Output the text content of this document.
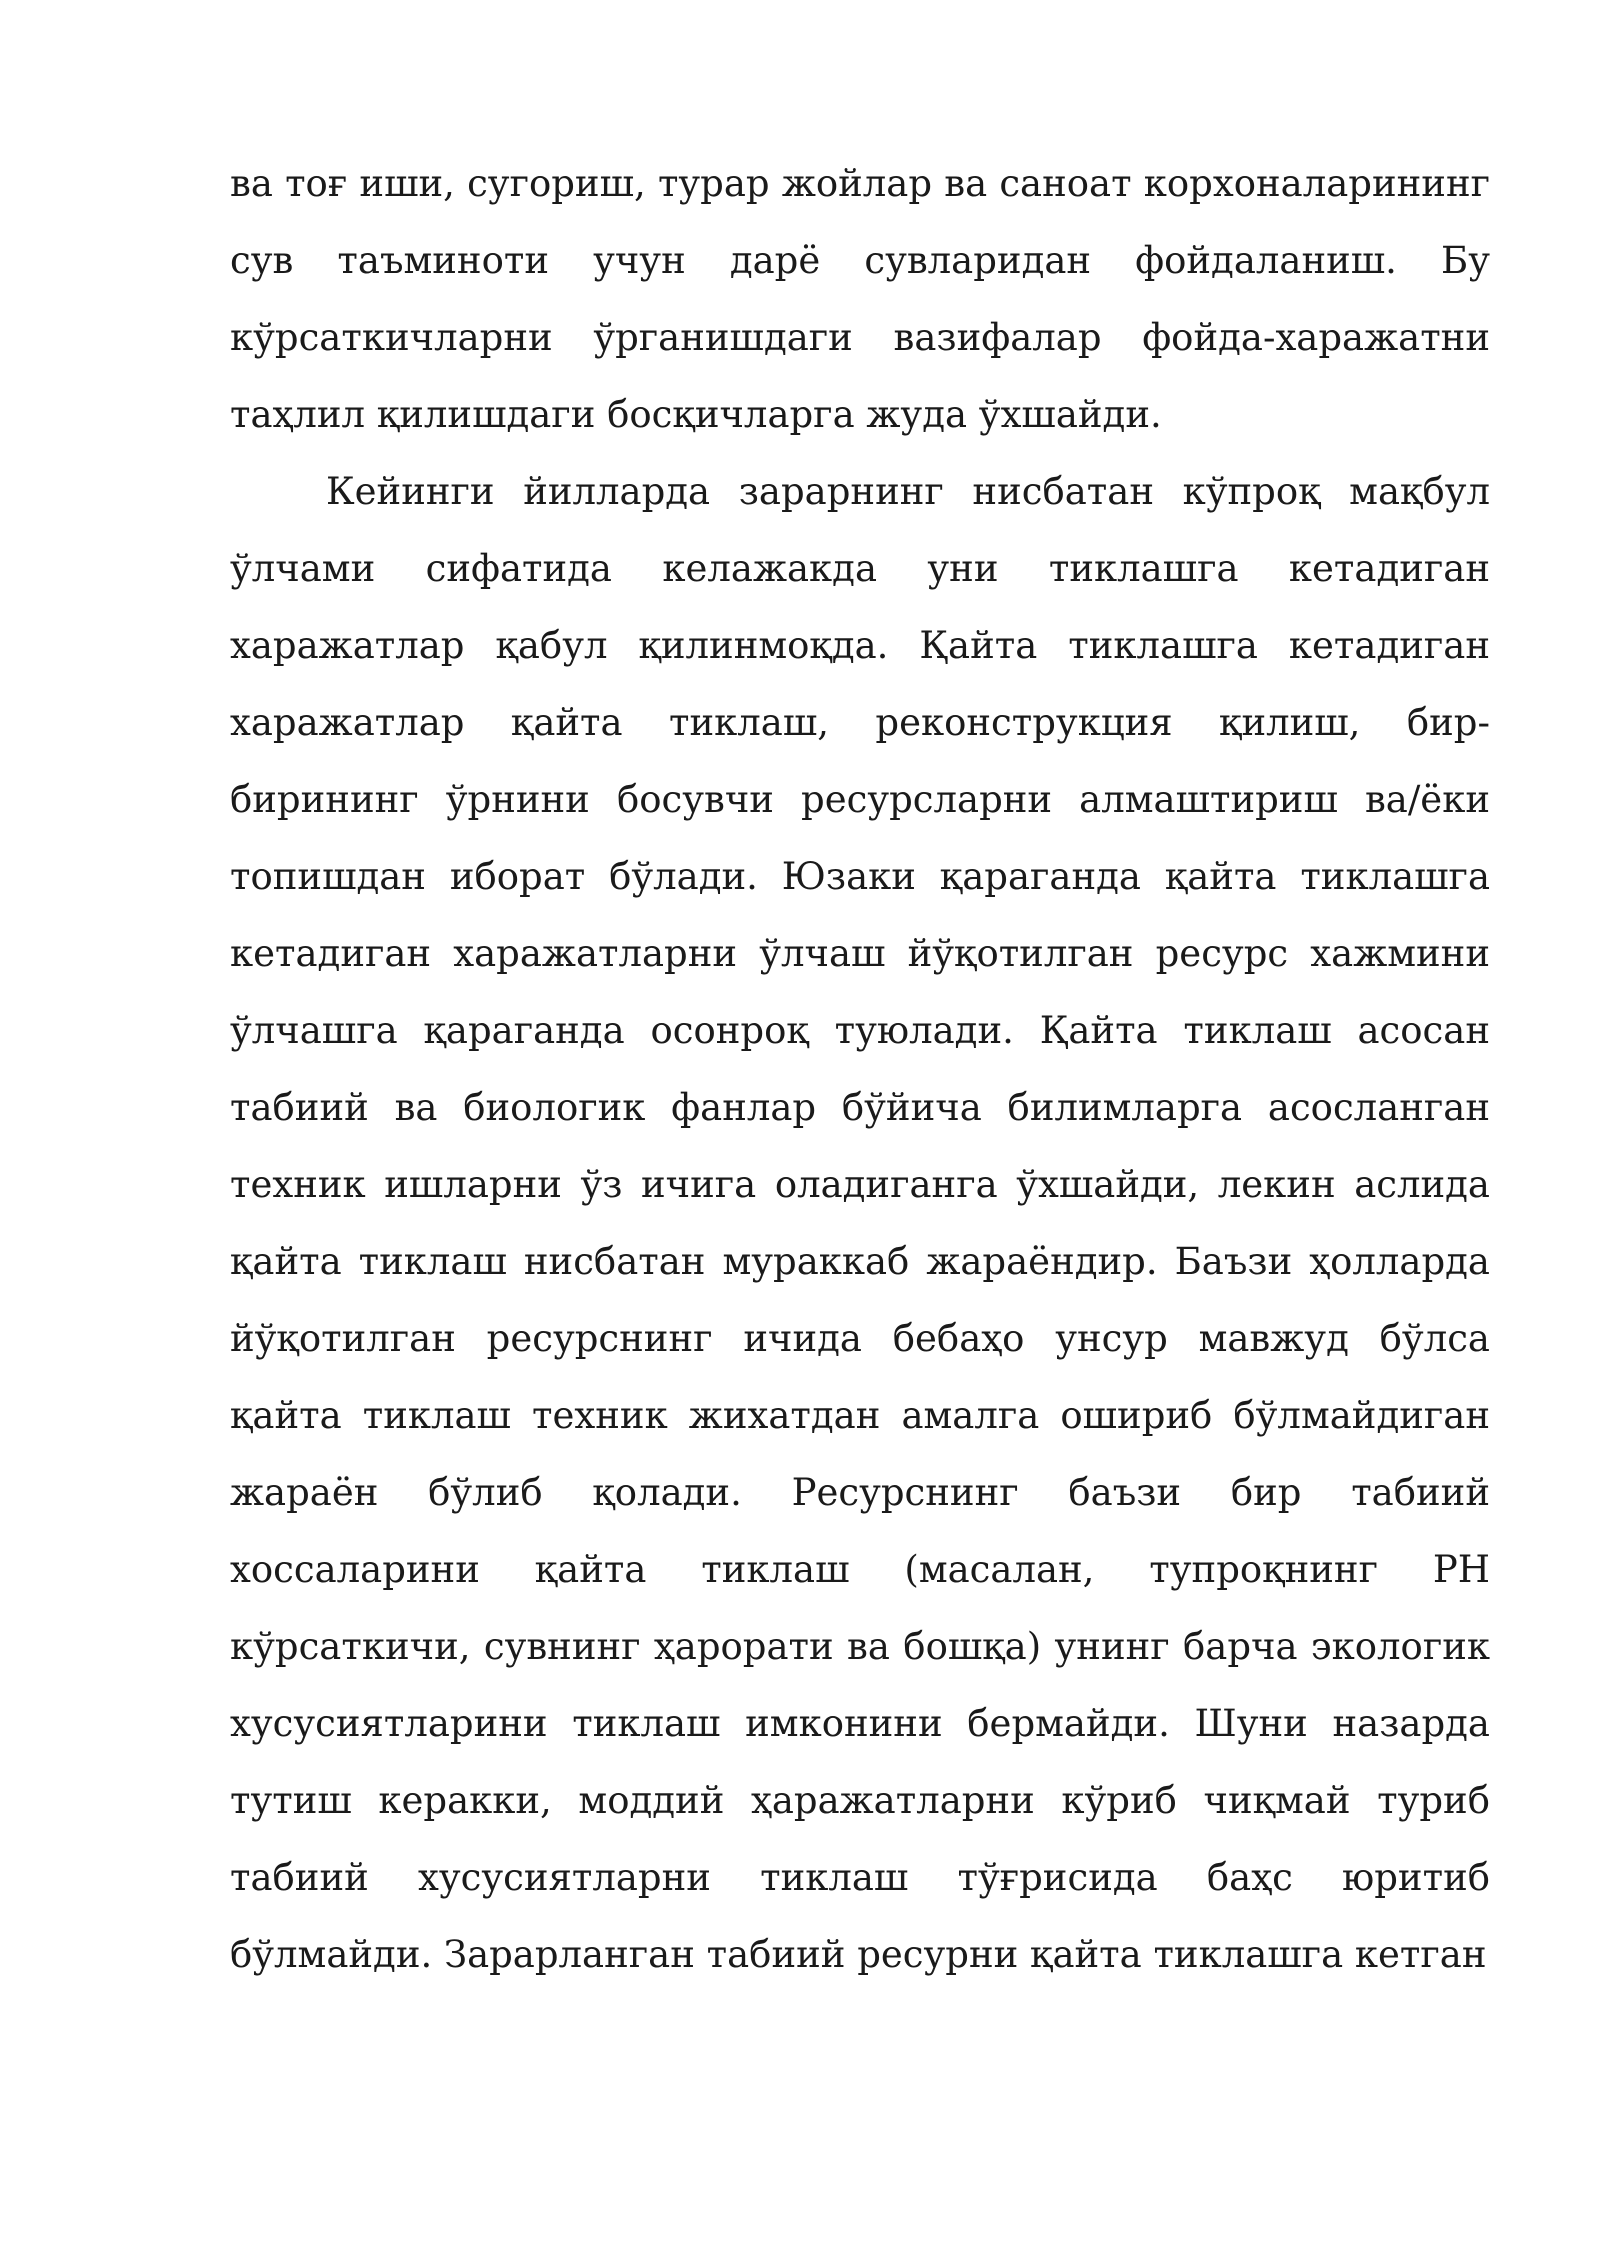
ва тоғ иши, сугориш, турар жойлар ва саноат корхоналарининг сув таъминоти учун дарё сувларидан фойдаланиш. Бу кўрсаткичларни ўрганишдаги вазифалар фойда-харажатни таҳлил қилишдаги босқичларга жуда ўхшайди.

Кейинги йилларда зарарнинг нисбатан кўпроқ мақбул ўлчами сифатида келажакда уни тиклашга кетадиган харажатлар қабул қилинмоқда. Қайта тиклашга кетадиган харажатлар қайта тиклаш, реконструкция қилиш, бир-бирининг ўрнини босувчи ресурсларни алмаштириш ва/ёки топишдан иборат бўлади. Юзаки қараганда қайта тиклашга кетадиган харажатларни ўлчаш йўқотилган ресурс хажмини ўлчашга қараганда осонроқ туюлади. Қайта тиклаш асосан табиий ва биологик фанлар бўйича билимларга асосланган техник ишларни ўз ичига оладиганга ўхшайди, лекин аслида қайта тиклаш нисбатан мураккаб жараёндир. Баъзи ҳолларда йўқотилган ресурснинг ичида бебаҳо унсур мавжуд бўлса қайта тиклаш техник жихатдан амалга ошириб бўлмайдиган жараён бўлиб қолади. Ресурснинг баъзи бир табиий хоссаларини қайта тиклаш (масалан, тупроқнинг PH кўрсаткичи, сувнинг ҳарорати ва бошқа) унинг барча экологик хусусиятларини тиклаш имконини бермайди. Шуни назарда тутиш керакки, моддий ҳаражатларни кўриб чиқмай туриб табиий хусусиятларни тиклаш тўғрисида баҳс юритиб бўлмайди. Зарарланган табиий ресурни қайта тиклашга кетган
